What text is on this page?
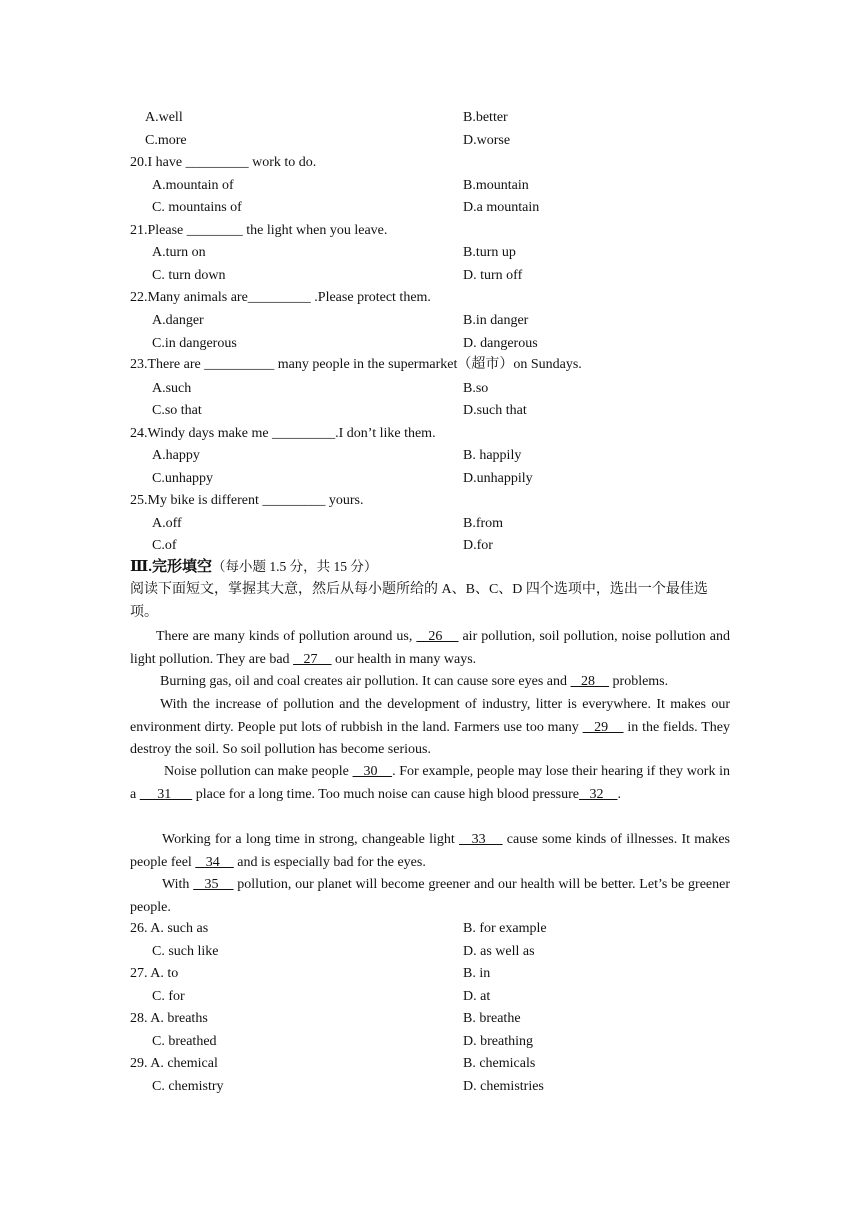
A.well	B.better
C.more	D.worse
20.I have _________ work to do.
A.mountain of	B.mountain
C. mountains of	D.a mountain
21.Please ________ the light when you leave.
A.turn on	B.turn up
C. turn down	D. turn off
22.Many animals are_________ .Please protect them.
A.danger	B.in danger
C.in dangerous	D. dangerous
23.There are __________ many people in the supermarket（超市）on Sundays.
A.such	B.so
C.so that	D.such that
24.Windy days make me _________.I don’t like them.
A.happy	B. happily
C.unhappy	D.unhappily
25.My bike is different _________ yours.
A.off	B.from
C.of	D.for
Ⅲ.完形填空（每小题 1.5 分，共 15 分）
阅读下面短文，掌握其大意，然后从每小题所给的 A、B、C、D 四个选项中，选出一个最佳选项。
There are many kinds of pollution around us,    26     air pollution, soil pollution, noise pollution and light pollution. They are bad    27     our health in many ways.
Burning gas, oil and coal creates air pollution. It can cause sore eyes and    28     problems.
With the increase of pollution and the development of industry, litter is everywhere. It makes our environment dirty. People put lots of rubbish in the land. Farmers use too many    29     in the fields. They destroy the soil. So soil pollution has become serious.
Noise pollution can make people    30    . For example, people may lose their hearing if they work in a      31       place for a long time. Too much noise can cause high blood pressure   32    .
Working for a long time in strong, changeable light    33     cause some kinds of illnesses. It makes people feel    34     and is especially bad for the eyes.
With    35     pollution, our planet will become greener and our health will be better. Let’s be greener people.
26. A. such as	B. for example
C. such like	D. as well as
27. A. to	B. in
C. for	D. at
28. A. breaths	B. breathe
C. breathed	D. breathing
29. A. chemical	B. chemicals
C. chemistry	D. chemistries
